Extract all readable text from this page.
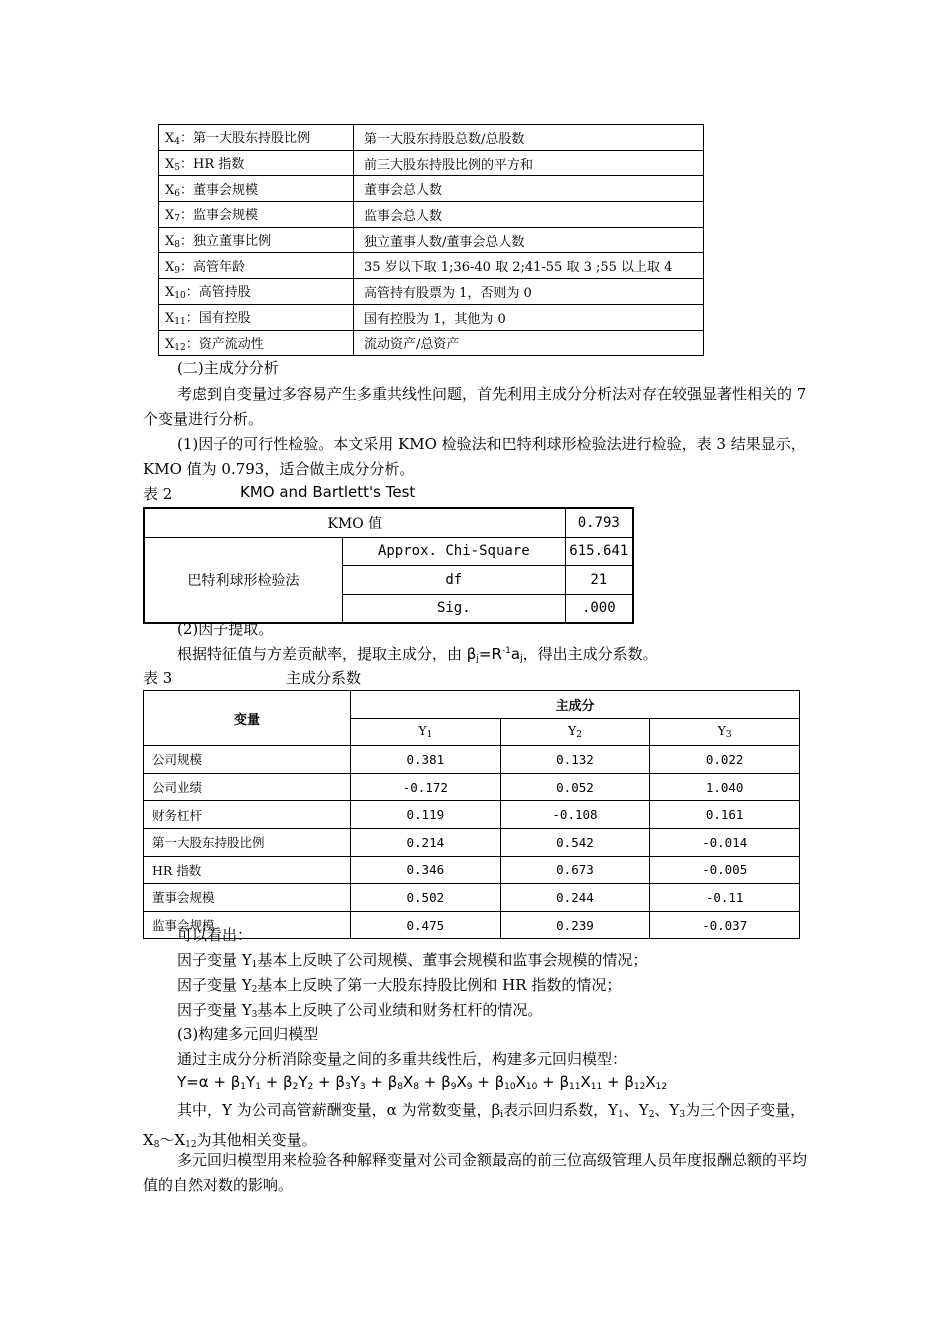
$X_4$：第一大股东持股比例	第一大股东持股总数/总股数
$X_5$：HR 指数	前三大股东持股比例的平方和
$X_6$：董事会规模	董事会总人数
$X_7$：监事会规模	监事会总人数
$X_8$：独立董事比例	独立董事人数/董事会总人数
$X_9$：高管年龄	35 岁以下取 1;36-40 取 2;41-55 取 3 ;55 以上取 4
$X_{10}$：高管持股	高管持有股票为 1，否则为 0
$X_{11}$：国有控股	国有控股为 1，其他为 0
$X_{12}$：资产流动性	流动资产/总资产
(二)主成分分析
考虑到自变量过多容易产生多重共线性问题，首先利用主成分分析法对存在较强显著性相关的 7 个变量进行分析。
(1)因子的可行性检验。本文采用 KMO 检验法和巴特利球形检验法进行检验，表 3 结果显示，KMO 值为 0.793，适合做主成分分析。
表 2	KMO and Bartlett's Test
KMO 值		0.793
巴特利球形检验法	Approx. Chi-Square	615.641
	df	21
	Sig.	.000
(2)因子提取。
根据特征值与方差贡献率，提取主成分，由 $\beta_j=R^{-1}a_j$，得出主成分系数。
表 3	主成分系数
变量	主成分		
	$Y_1$	$Y_2$	$Y_3$
公司规模	0.381	0.132	0.022
公司业绩	-0.172	0.052	1.040
财务杠杆	0.119	-0.108	0.161
第一大股东持股比例	0.214	0.542	-0.014
HR 指数	0.346	0.673	-0.005
董事会规模	0.502	0.244	-0.11
监事会规模	0.475	0.239	-0.037
可以看出：
因子变量 $Y_1$基本上反映了公司规模、董事会规模和监事会规模的情况；
因子变量 $Y_2$基本上反映了第一大股东持股比例和 HR 指数的情况；
因子变量 $Y_3$基本上反映了公司业绩和财务杠杆的情况。
(3)构建多元回归模型
通过主成分分析消除变量之间的多重共线性后，构建多元回归模型：
$Y=\alpha + \beta_1Y_1 + \beta_2Y_2 + \beta_3Y_3 + \beta_8X_8 + \beta_9X_9 + \beta_{10}X_{10} + \beta_{11}X_{11} + \beta_{12}X_{12}$
其中，Y 为公司高管薪酬变量，α 为常数变量，$\beta_i$表示回归系数，$Y_1$、$Y_2$、$Y_3$为三个因子变量，$X_8\sim X_{12}$为其他相关变量。
多元回归模型用来检验各种解释变量对公司金额最高的前三位高级管理人员年度报酬总额的平均值的自然对数的影响。
